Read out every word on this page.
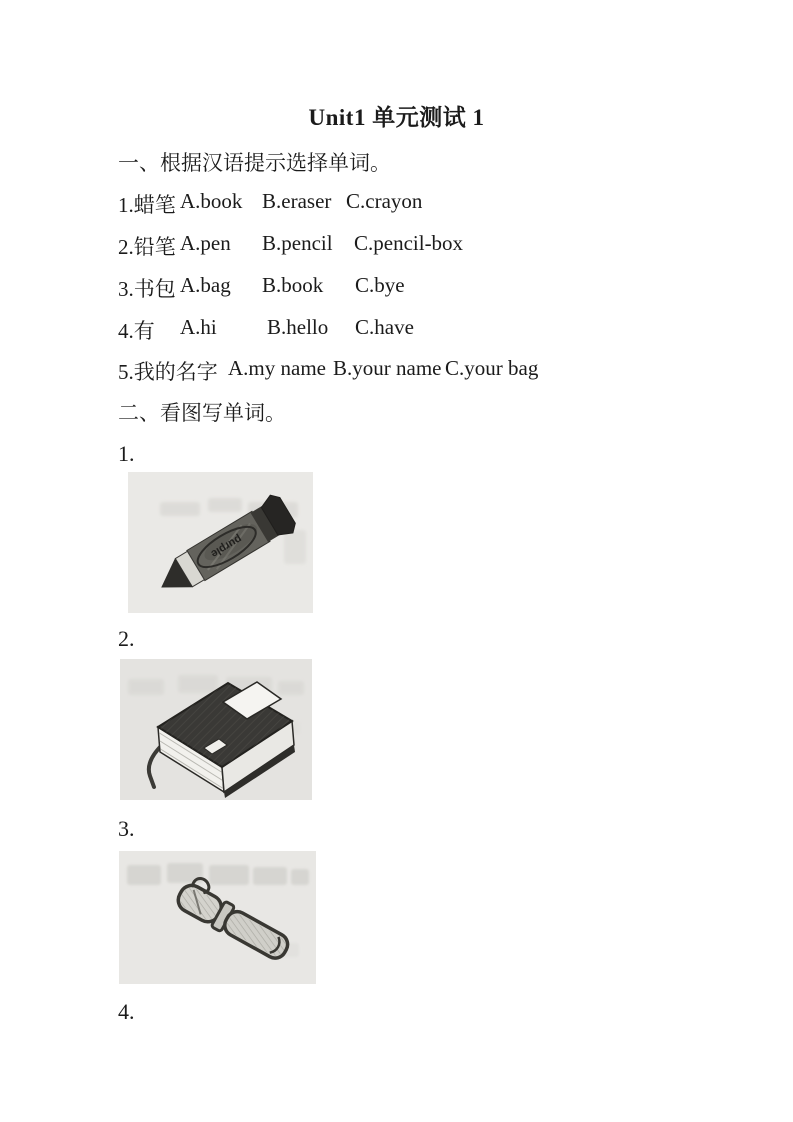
Unit1 单元测试 1
一、根据汉语提示选择单词。
1.蜡笔 A.book B.eraser C.crayon
2.铅笔 A.pen B.pencil C.pencil-box
3.书包 A.bag B.book C.bye
4.有 A.hi B.hello C.have
5.我的名字 A.my name B.your name C.your bag
二、看图写单词。
1.
purple
2.
3.
4.
